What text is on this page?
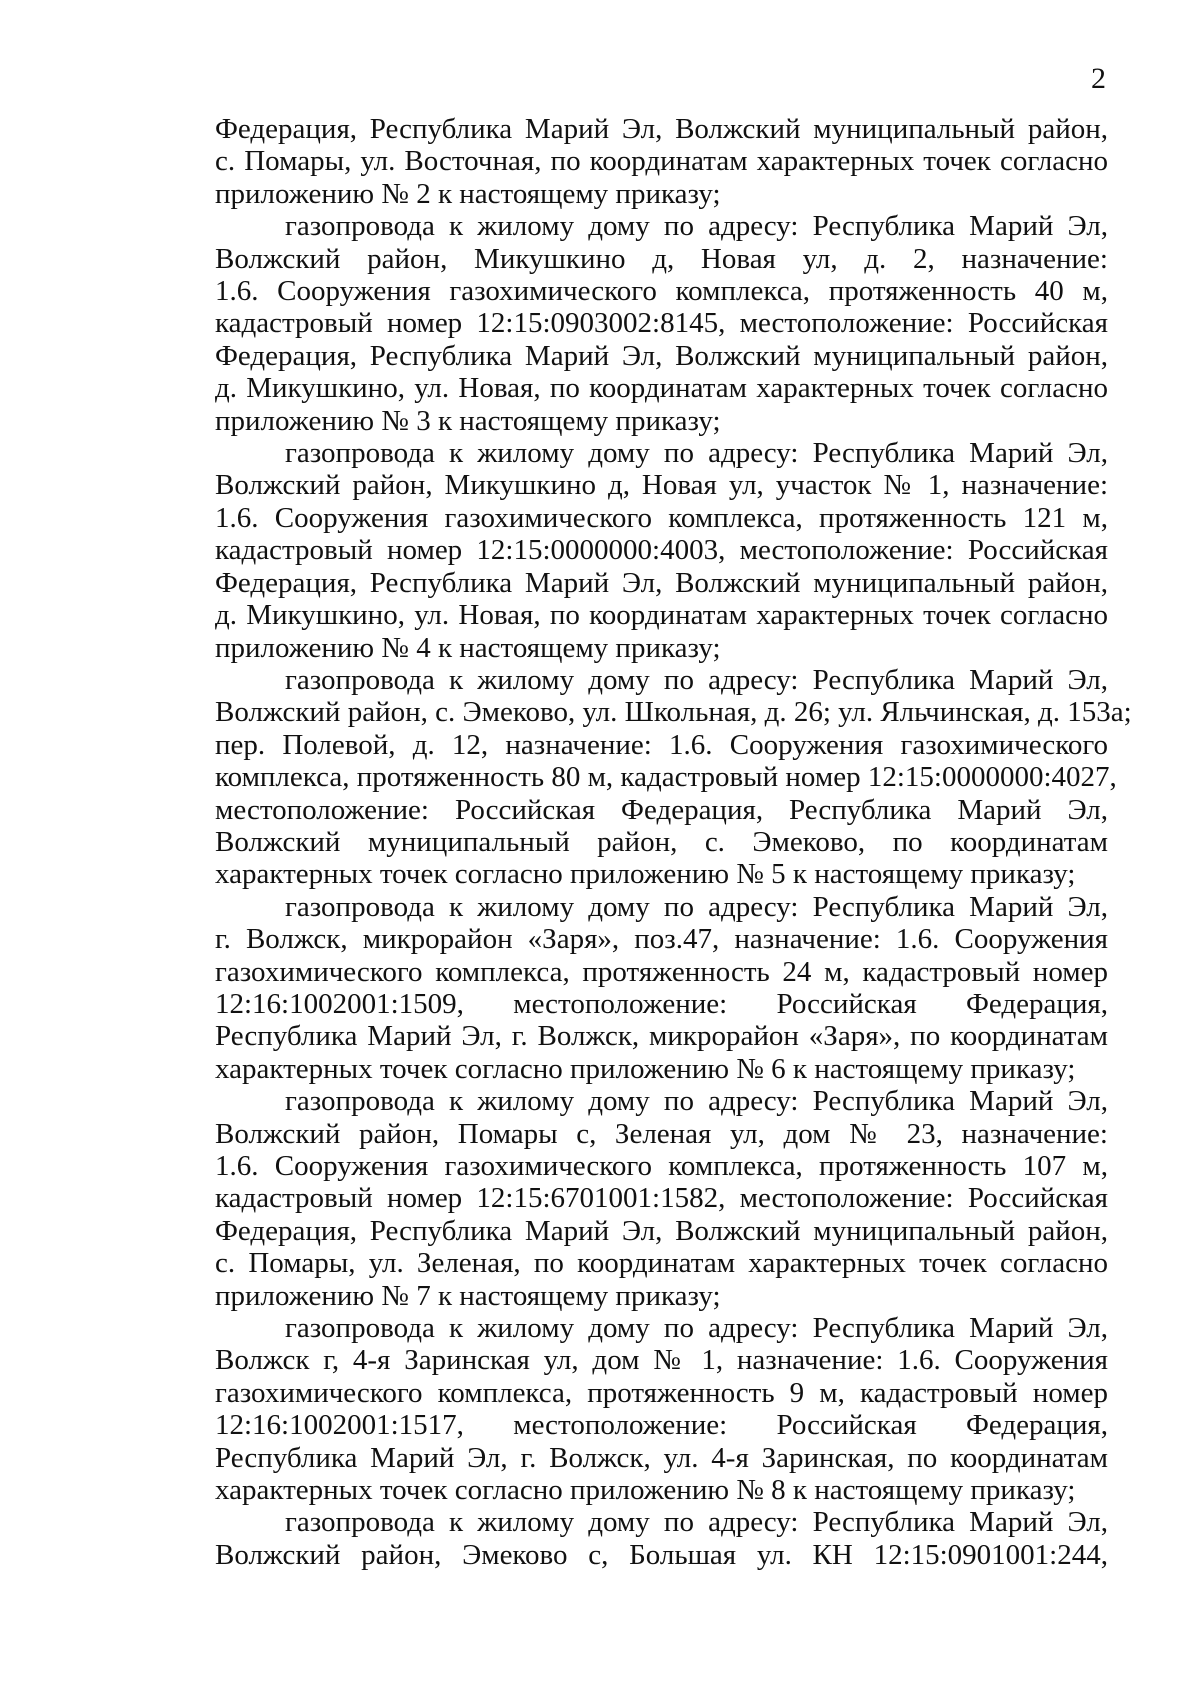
2
Федерация, Республика Марий Эл, Волжский муниципальный район,
с. Помары, ул. Восточная, по координатам характерных точек согласно
приложению № 2 к настоящему приказу;
газопровода к жилому дому по адресу: Республика Марий Эл,
Волжский район, Микушкино д, Новая ул, д. 2, назначение:
1.6. Сооружения газохимического комплекса, протяженность 40 м,
кадастровый номер 12:15:0903002:8145, местоположение: Российская
Федерация, Республика Марий Эл, Волжский муниципальный район,
д. Микушкино, ул. Новая, по координатам характерных точек согласно
приложению № 3 к настоящему приказу;
газопровода к жилому дому по адресу: Республика Марий Эл,
Волжский район, Микушкино д, Новая ул, участок № 1, назначение:
1.6. Сооружения газохимического комплекса, протяженность 121 м,
кадастровый номер 12:15:0000000:4003, местоположение: Российская
Федерация, Республика Марий Эл, Волжский муниципальный район,
д. Микушкино, ул. Новая, по координатам характерных точек согласно
приложению № 4 к настоящему приказу;
газопровода к жилому дому по адресу: Республика Марий Эл,
Волжский район, с. Эмеково, ул. Школьная, д. 26; ул. Яльчинская, д. 153а;
пер. Полевой, д. 12, назначение: 1.6. Сооружения газохимического
комплекса, протяженность 80 м, кадастровый номер 12:15:0000000:4027,
местоположение: Российская Федерация, Республика Марий Эл,
Волжский муниципальный район, с. Эмеково, по координатам
характерных точек согласно приложению № 5 к настоящему приказу;
газопровода к жилому дому по адресу: Республика Марий Эл,
г. Волжск, микрорайон «Заря», поз.47, назначение: 1.6. Сооружения
газохимического комплекса, протяженность 24 м, кадастровый номер
12:16:1002001:1509, местоположение: Российская Федерация,
Республика Марий Эл, г. Волжск, микрорайон «Заря», по координатам
характерных точек согласно приложению № 6 к настоящему приказу;
газопровода к жилому дому по адресу: Республика Марий Эл,
Волжский район, Помары с, Зеленая ул, дом № 23, назначение:
1.6. Сооружения газохимического комплекса, протяженность 107 м,
кадастровый номер 12:15:6701001:1582, местоположение: Российская
Федерация, Республика Марий Эл, Волжский муниципальный район,
с. Помары, ул. Зеленая, по координатам характерных точек согласно
приложению № 7 к настоящему приказу;
газопровода к жилому дому по адресу: Республика Марий Эл,
Волжск г, 4-я Заринская ул, дом № 1, назначение: 1.6. Сооружения
газохимического комплекса, протяженность 9 м, кадастровый номер
12:16:1002001:1517, местоположение: Российская Федерация,
Республика Марий Эл, г. Волжск, ул. 4-я Заринская, по координатам
характерных точек согласно приложению № 8 к настоящему приказу;
газопровода к жилому дому по адресу: Республика Марий Эл,
Волжский район, Эмеково с, Большая ул. КН 12:15:0901001:244,
